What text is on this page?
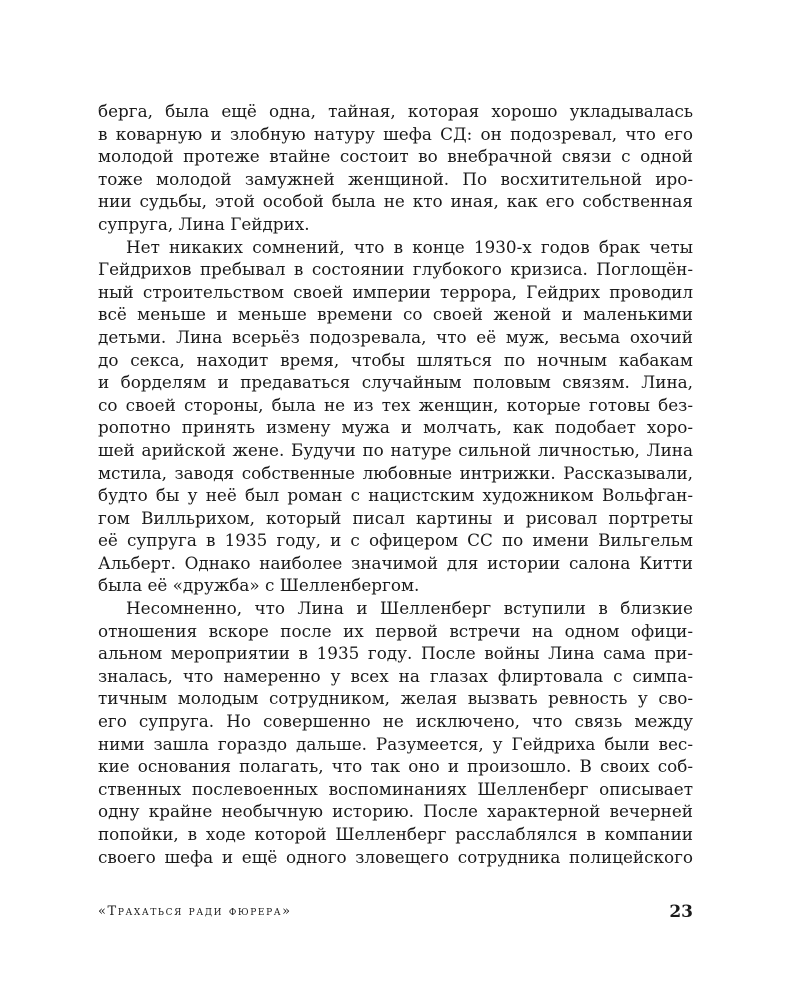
берга, была ещё одна, тайная, которая хорошо укладывалась
в коварную и злобную натуру шефа СД: он подозревал, что его
молодой протеже втайне состоит во внебрачной связи с одной
тоже молодой замужней женщиной. По восхитительной иро-
нии судьбы, этой особой была не кто иная, как его собственная
супруга, Лина Гейдрих.
Нет никаких сомнений, что в конце 1930-х годов брак четы
Гейдрихов пребывал в состоянии глубокого кризиса. Поглощён-
ный строительством своей империи террора, Гейдрих проводил
всё меньше и меньше времени со своей женой и маленькими
детьми. Лина всерьёз подозревала, что её муж, весьма охочий
до секса, находит время, чтобы шляться по ночным кабакам
и борделям и предаваться случайным половым связям. Лина,
со своей стороны, была не из тех женщин, которые готовы без-
ропотно принять измену мужа и молчать, как подобает хоро-
шей арийской жене. Будучи по натуре сильной личностью, Лина
мстила, заводя собственные любовные интрижки. Рассказывали,
будто бы у неё был роман с нацистским художником Вольфган-
гом Вилльрихом, который писал картины и рисовал портреты
её супруга в 1935 году, и с офицером СС по имени Вильгельм
Альберт. Однако наиболее значимой для истории салона Китти
была её «дружба» с Шелленбергом.
Несомненно, что Лина и Шелленберг вступили в близкие
отношения вскоре после их первой встречи на одном офици-
альном мероприятии в 1935 году. После войны Лина сама при-
зналась, что намеренно у всех на глазах флиртовала с симпа-
тичным молодым сотрудником, желая вызвать ревность у сво-
его супруга. Но совершенно не исключено, что связь между
ними зашла гораздо дальше. Разумеется, у Гейдриха были вес-
кие основания полагать, что так оно и произошло. В своих соб-
ственных послевоенных воспоминаниях Шелленберг описывает
одну крайне необычную историю. После характерной вечерней
попойки, в ходе которой Шелленберг расслаблялся в компании
своего шефа и ещё одного зловещего сотрудника полицейского
«Трахаться ради фюрера»	23
